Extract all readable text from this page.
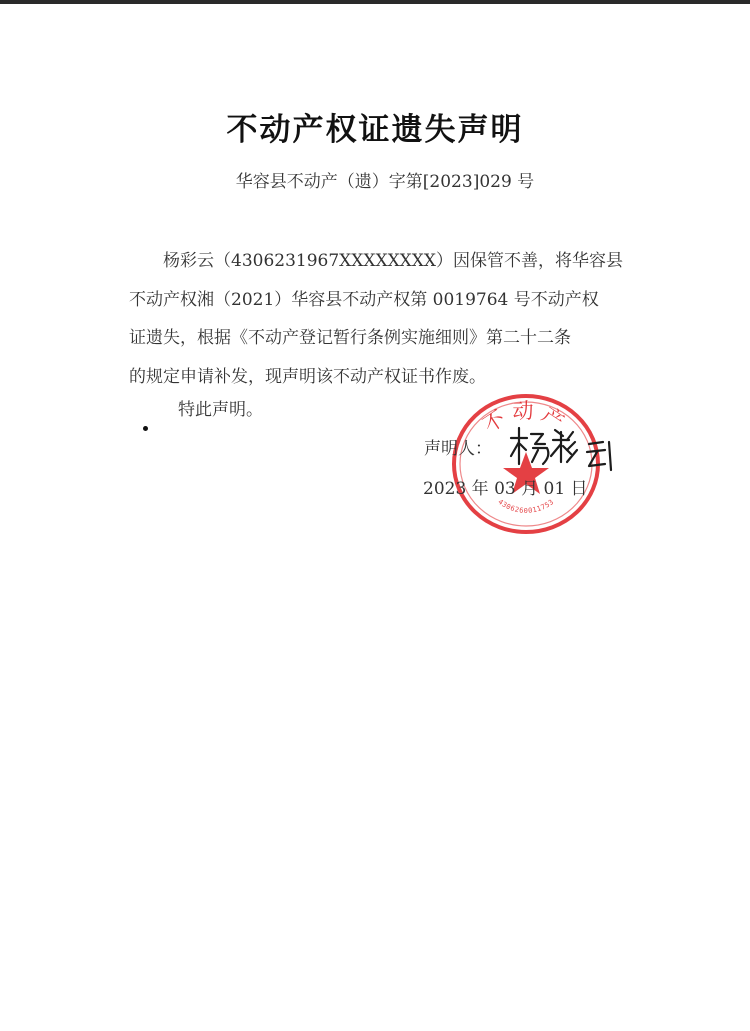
不动产权证遗失声明
华容县不动产（遗）字第[2023]029 号

杨彩云（4306231967XXXXXXXX）因保管不善，将华容县

不动产权湘（2021）华容县不动产权第 0019764 号不动产权

证遗失，根据《不动产登记暂行条例实施细则》第二十二条

的规定申请补发，现声明该不动产权证书作废。

特此声明。	不动产
4306260011753
声明人：
2023 年 03 月 01 日
